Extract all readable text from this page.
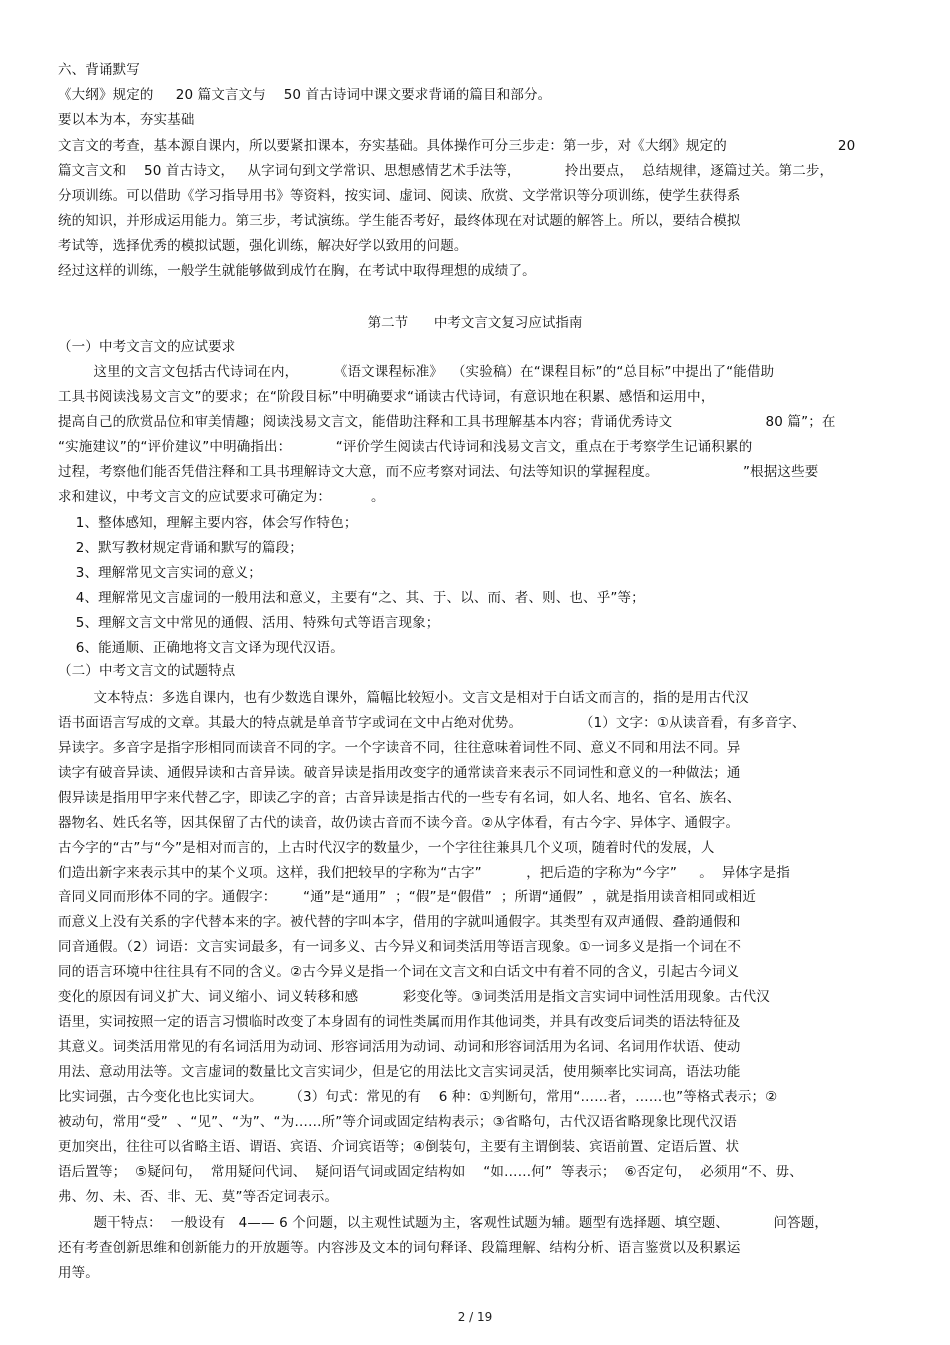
六、背诵默写
《大纲》规定的     20 篇文言文与    50 首古诗词中课文要求背诵的篇目和部分。
要以本为本，夯实基础
文言文的考查，基本源自课内，所以要紧扣课本，夯实基础。具体操作可分三步走：第一步，对《大纲》规定的                         20
篇文言文和    50 首古诗文，   从字词句到文学常识、思想感情艺术手法等，          拎出要点，  总结规律，逐篇过关。第二步，
分项训练。可以借助《学习指导用书》等资料，按实词、虚词、阅读、欣赏、文学常识等分项训练，使学生获得系
统的知识，并形成运用能力。第三步，考试演练。学生能否考好，最终体现在对试题的解答上。所以，要结合模拟
考试等，选择优秀的模拟试题，强化训练，解决好学以致用的问题。
经过这样的训练，一般学生就能够做到成竹在胸，在考试中取得理想的成绩了。
第二节      中考文言文复习应试指南
（一）中考文言文的应试要求
这里的文言文包括古代诗词在内，        《语文课程标准》  （实验稿）在“课程目标”的“总目标”中提出了“能借助
工具书阅读浅易文言文”的要求；在“阶段目标”中明确要求“诵读古代诗词，有意识地在积累、感悟和运用中，
提高自己的欣赏品位和审美情趣；阅读浅易文言文，能借助注释和工具书理解基本内容；背诵优秀诗文                     80 篇”；在
“实施建议”的“评价建议”中明确指出：          “评价学生阅读古代诗词和浅易文言文，重点在于考察学生记诵积累的
过程，考察他们能否凭借注释和工具书理解诗文大意，而不应考察对词法、句法等知识的掌握程度。                   ”根据这些要
求和建议，中考文言文的应试要求可确定为：         。
1、整体感知，理解主要内容，体会写作特色；
2、默写教材规定背诵和默写的篇段；
3、理解常见文言实词的意义；
4、理解常见文言虚词的一般用法和意义，主要有“之、其、于、以、而、者、则、也、乎”等；
5、理解文言文中常见的通假、活用、特殊句式等语言现象；
6、能通顺、正确地将文言文译为现代汉语。
（二）中考文言文的试题特点
文本特点：多选自课内，也有少数选自课外，篇幅比较短小。文言文是相对于白话文而言的，指的是用古代汉
语书面语言写成的文章。其最大的特点就是单音节字或词在文中占绝对优势。             （1）文字：①从读音看，有多音字、
异读字。多音字是指字形相同而读音不同的字。一个字读音不同，往往意味着词性不同、意义不同和用法不同。异
读字有破音异读、通假异读和古音异读。破音异读是指用改变字的通常读音来表示不同词性和意义的一种做法；通
假异读是指用甲字来代替乙字，即读乙字的音；古音异读是指古代的一些专有名词，如人名、地名、官名、族名、
器物名、姓氏名等，因其保留了古代的读音，故仍读古音而不读今音。②从字体看，有古今字、异体字、通假字。
古今字的“古”与“今”是相对而言的，上古时代汉字的数量少，一个字往往兼具几个义项，随着时代的发展，人
们造出新字来表示其中的某个义项。这样，我们把较早的字称为“古字”          ，把后造的字称为“今字”     。  异体字是指
音同义同而形体不同的字。通假字：      “通”是“通用”  ；“假”是“假借”  ；所谓“通假”  ，就是指用读音相同或相近
而意义上没有关系的字代替本来的字。被代替的字叫本字，借用的字就叫通假字。其类型有双声通假、叠韵通假和
同音通假。（2）词语：文言实词最多，有一词多义、古今异义和词类活用等语言现象。①一词多义是指一个词在不
同的语言环境中往往具有不同的含义。②古今异义是指一个词在文言文和白话文中有着不同的含义，引起古今词义
变化的原因有词义扩大、词义缩小、词义转移和感          彩变化等。③词类活用是指文言实词中词性活用现象。古代汉
语里，实词按照一定的语言习惯临时改变了本身固有的词性类属而用作其他词类，并具有改变后词类的语法特征及
其意义。词类活用常见的有名词活用为动词、形容词活用为动词、动词和形容词活用为名词、名词用作状语、使动
用法、意动用法等。文言虚词的数量比文言实词少，但是它的用法比文言实词灵活，使用频率比实词高，语法功能
比实词强，古今变化也比实词大。      （3）句式：常见的有    6 种：①判断句，常用“……者，……也”等格式表示；②
被动句，常用“受”  、“见”、“为”、“为……所”等介词或固定结构表示；③省略句，古代汉语省略现象比现代汉语
更加突出，往往可以省略主语、谓语、宾语、介词宾语等；④倒装句，主要有主谓倒装、宾语前置、定语后置、状
语后置等；  ⑤疑问句，  常用疑问代词、  疑问语气词或固定结构如    “如……何”  等表示；  ⑥否定句，  必须用“不、毋、
弗、勿、未、否、非、无、莫”等否定词表示。
题干特点：  一般设有   4—— 6 个问题，以主观性试题为主，客观性试题为辅。题型有选择题、填空题、          问答题，
还有考查创新思维和创新能力的开放题等。内容涉及文本的词句释译、段篇理解、结构分析、语言鉴赏以及积累运
用等。
2 / 19
